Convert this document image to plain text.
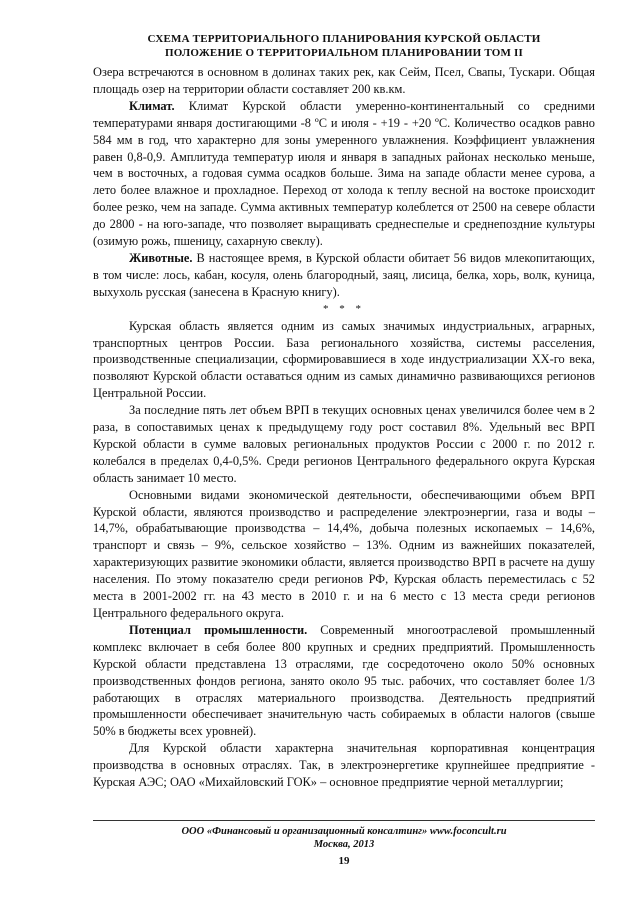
СХЕМА ТЕРРИТОРИАЛЬНОГО ПЛАНИРОВАНИЯ КУРСКОЙ ОБЛАСТИ
ПОЛОЖЕНИЕ О ТЕРРИТОРИАЛЬНОМ ПЛАНИРОВАНИИ ТОМ II

Озера встречаются в основном в долинах таких рек, как Сейм, Псел, Свапы, Тускари. Общая площадь озер на территории области составляет 200 кв.км.

Климат. Климат Курской области умеренно-континентальный со средними температурами января достигающими -8 ºС и июля - +19 - +20 ºС. Количество осадков равно 584 мм в год, что характерно для зоны умеренного увлажнения. Коэффициент увлажнения равен 0,8-0,9. Амплитуда температур июля и января в западных районах несколько меньше, чем в восточных, а годовая сумма осадков больше. Зима на западе области менее сурова, а лето более влажное и прохладное. Переход от холода к теплу весной на востоке происходит более резко, чем на западе. Сумма активных температур колеблется от 2500 на севере области до 2800 - на юго-западе, что позволяет выращивать среднеспелые и среднепоздние культуры (озимую рожь, пшеницу, сахарную свеклу).

Животные. В настоящее время, в Курской области обитает 56 видов млекопитающих, в том числе: лось, кабан, косуля, олень благородный, заяц, лисица, белка, хорь, волк, куница, выхухоль русская (занесена в Красную книгу).

* * *

Курская область является одним из самых значимых индустриальных, аграрных, транспортных центров России. База регионального хозяйства, системы расселения, производственные специализации, сформировавшиеся в ходе индустриализации XX-го века, позволяют Курской области оставаться одним из самых динамично развивающихся регионов Центральной России.

За последние пять лет объем ВРП в текущих основных ценах увеличился более чем в 2 раза, в сопоставимых ценах к предыдущему году рост составил 8%. Удельный вес ВРП Курской области в сумме валовых региональных продуктов России с 2000 г. по 2012 г. колебался в пределах 0,4-0,5%. Среди регионов Центрального федерального округа Курская область занимает 10 место.

Основными видами экономической деятельности, обеспечивающими объем ВРП Курской области, являются производство и распределение электроэнергии, газа и воды – 14,7%, обрабатывающие производства – 14,4%, добыча полезных ископаемых – 14,6%, транспорт и связь – 9%, сельское хозяйство – 13%. Одним из важнейших показателей, характеризующих развитие экономики области, является производство ВРП в расчете на душу населения. По этому показателю среди регионов РФ, Курская область переместилась с 52 места в 2001-2002 гг. на 43 место в 2010 г. и на 6 место с 13 места среди регионов Центрального федерального округа.

Потенциал промышленности. Современный многоотраслевой промышленный комплекс включает в себя более 800 крупных и средних предприятий. Промышленность Курской области представлена 13 отраслями, где сосредоточено около 50% основных производственных фондов региона, занято около 95 тыс. рабочих, что составляет более 1/3 работающих в отраслях материального производства. Деятельность предприятий промышленности обеспечивает значительную часть собираемых в области налогов (свыше 50% в бюджеты всех уровней).

Для Курской области характерна значительная корпоративная концентрация производства в основных отраслях. Так, в электроэнергетике крупнейшее предприятие - Курская АЭС; ОАО «Михайловский ГОК» – основное предприятие черной металлургии;

ООО «Финансовый и организационный консалтинг» www.foconcult.ru
Москва, 2013
19
